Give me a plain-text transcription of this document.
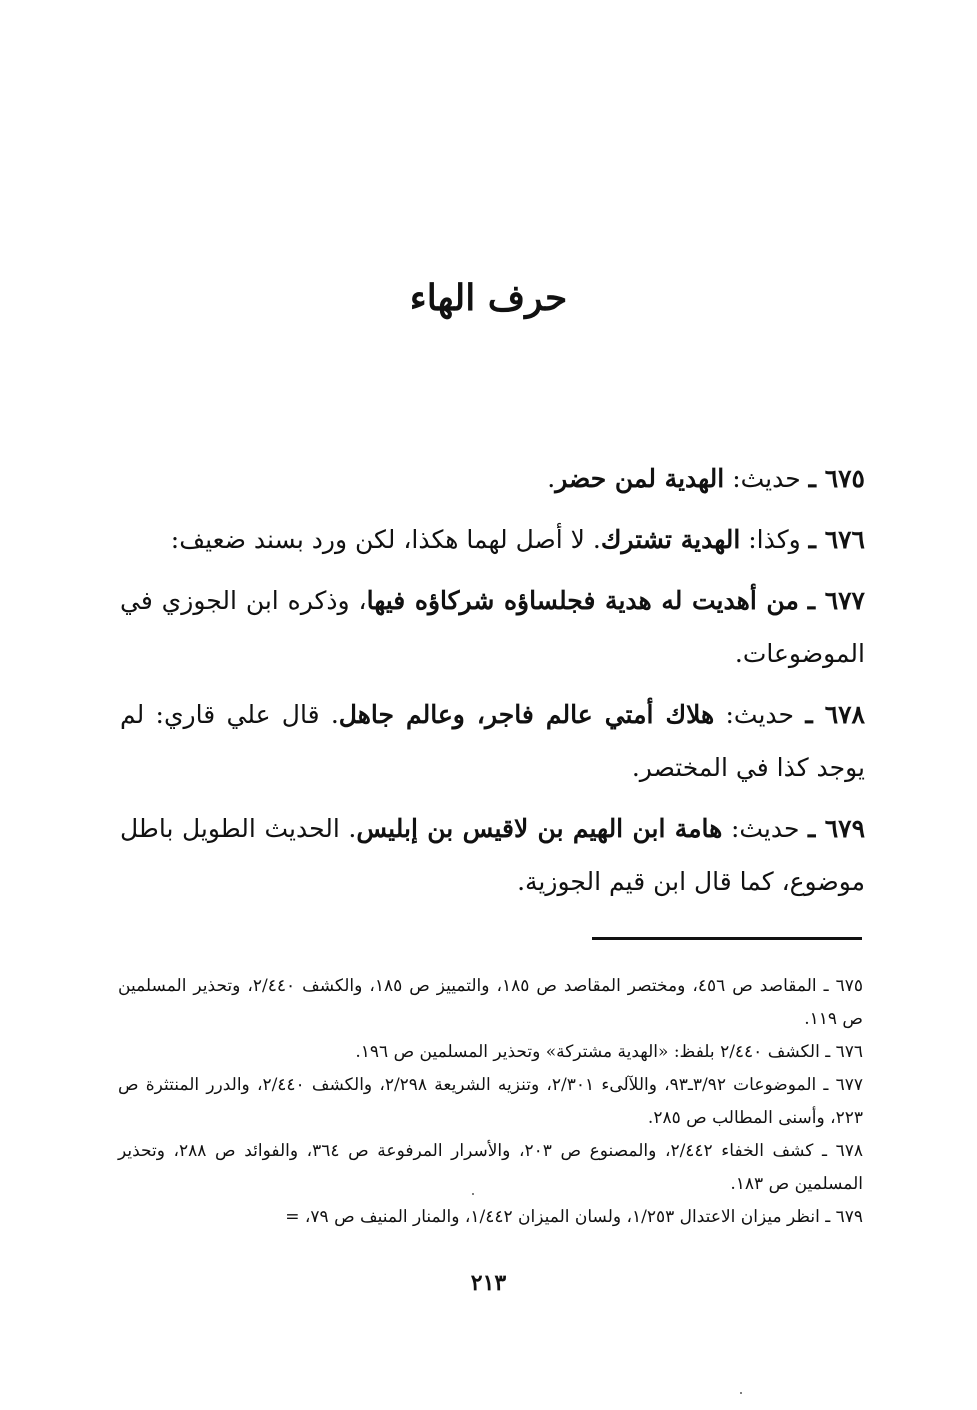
حرف الهاء

٦٧٥ ـ حديث: الهدية لمن حضر.

٦٧٦ ـ وكذا: الهدية تشترك. لا أصل لهما هكذا، لكن ورد بسند ضعيف:

٦٧٧ ـ من أهديت له هدية فجلساؤه شركاؤه فيها، وذكره ابن الجوزي في الموضوعات.

٦٧٨ ـ حديث: هلاك أمتي عالم فاجر، وعالم جاهل. قال علي قاري: لم يوجد كذا في المختصر.

٦٧٩ ـ حديث: هامة ابن الهيم بن لاقيس بن إبليس. الحديث الطويل باطل موضوع، كما قال ابن قيم الجوزية.

٦٧٥ ـ المقاصد ص ٤٥٦، ومختصر المقاصد ص ١٨٥، والتمييز ص ١٨٥، والكشف ٢/٤٤٠، وتحذير المسلمين ص ١١٩.

٦٧٦ ـ الكشف ٢/٤٤٠ بلفظ: «الهدية مشتركة» وتحذير المسلمين ص ١٩٦.

٦٧٧ ـ الموضوعات ٣/٩٢ـ٩٣، واللآلىء ٢/٣٠١، وتنزيه الشريعة ٢/٢٩٨، والكشف ٢/٤٤٠، والدرر المنتثرة ص ٢٢٣، وأسنى المطالب ص ٢٨٥.

٦٧٨ ـ كشف الخفاء ٢/٤٤٢، والمصنوع ص ٢٠٣، والأسرار المرفوعة ص ٣٦٤، والفوائد ص ٢٨٨، وتحذير المسلمين ص ١٨٣.

٦٧٩ ـ انظر ميزان الاعتدال ١/٢٥٣، ولسان الميزان ١/٤٤٢، والمنار المنيف ص ٧٩، =

٢١٣
